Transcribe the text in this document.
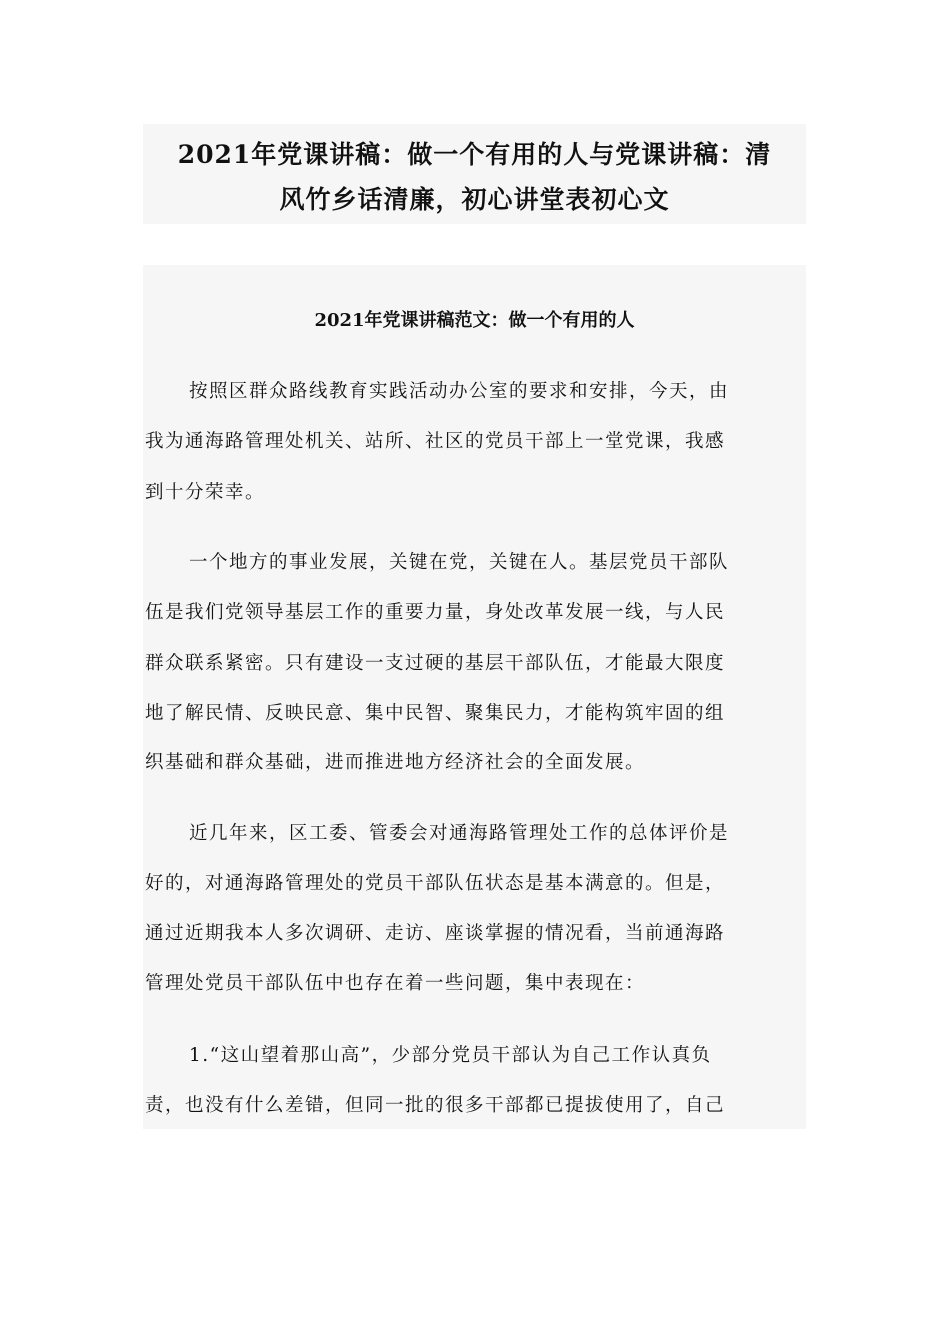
2021年党课讲稿：做一个有用的人与党课讲稿：清
风竹乡话清廉，初心讲堂表初心文
2021年党课讲稿范文：做一个有用的人
按照区群众路线教育实践活动办公室的要求和安排，今天，由
我为通海路管理处机关、站所、社区的党员干部上一堂党课，我感
到十分荣幸。
一个地方的事业发展，关键在党，关键在人。基层党员干部队
伍是我们党领导基层工作的重要力量，身处改革发展一线，与人民
群众联系紧密。只有建设一支过硬的基层干部队伍，才能最大限度
地了解民情、反映民意、集中民智、聚集民力，才能构筑牢固的组
织基础和群众基础，进而推进地方经济社会的全面发展。
近几年来，区工委、管委会对通海路管理处工作的总体评价是
好的，对通海路管理处的党员干部队伍状态是基本满意的。但是，
通过近期我本人多次调研、走访、座谈掌握的情况看，当前通海路
管理处党员干部队伍中也存在着一些问题，集中表现在：
1.“这山望着那山高”，少部分党员干部认为自己工作认真负
责，也没有什么差错，但同一批的很多干部都已提拔使用了，自己
